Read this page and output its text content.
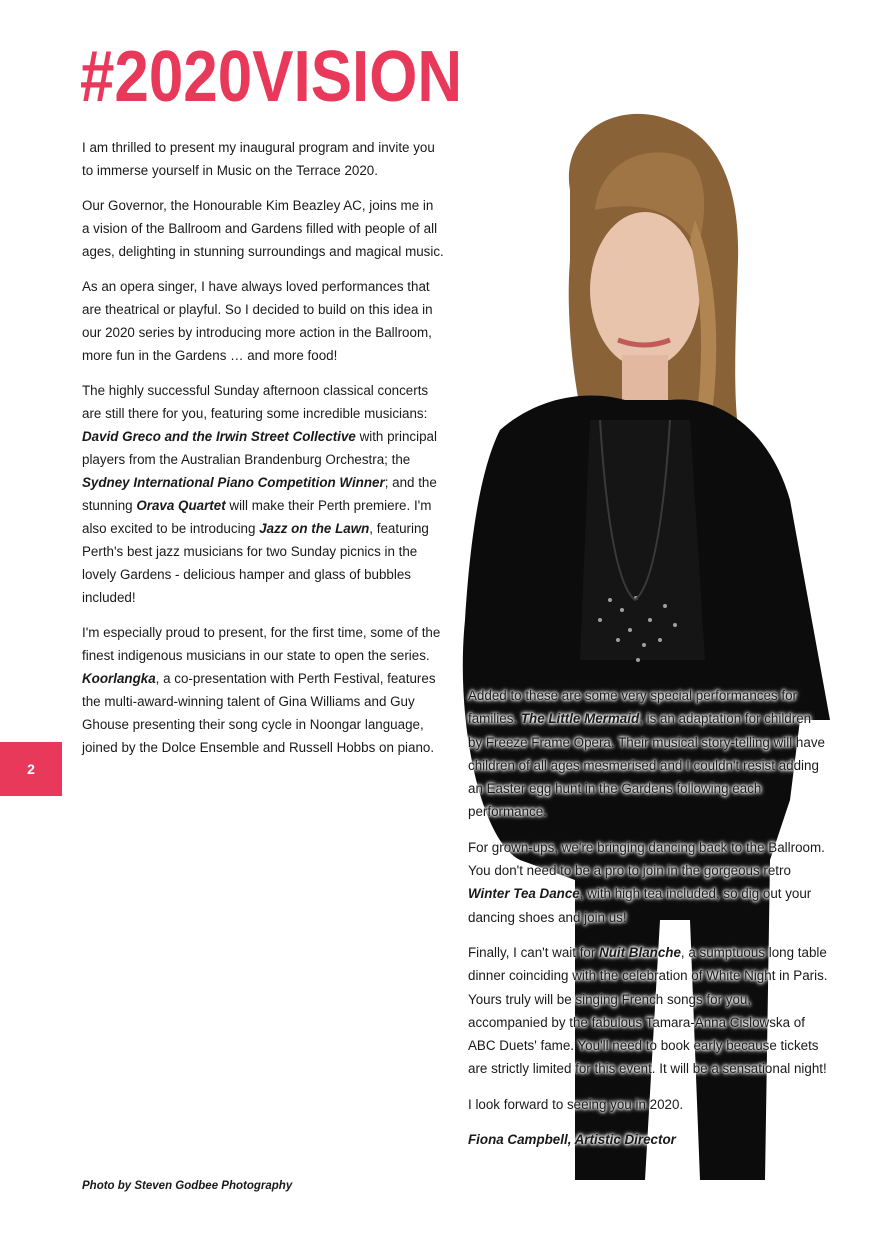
#2020VISION

I am thrilled to present my inaugural program and invite you to immerse yourself in Music on the Terrace 2020.

Our Governor, the Honourable Kim Beazley AC, joins me in a vision of the Ballroom and Gardens filled with people of all ages, delighting in stunning surroundings and magical music.

As an opera singer, I have always loved performances that are theatrical or playful. So I decided to build on this idea in our 2020 series by introducing more action in the Ballroom, more fun in the Gardens … and more food!

The highly successful Sunday afternoon classical concerts are still there for you, featuring some incredible musicians: David Greco and the Irwin Street Collective with principal players from the Australian Brandenburg Orchestra; the Sydney International Piano Competition Winner; and the stunning Orava Quartet will make their Perth premiere. I'm also excited to be introducing Jazz on the Lawn, featuring Perth's best jazz musicians for two Sunday picnics in the lovely Gardens - delicious hamper and glass of bubbles included!

I'm especially proud to present, for the first time, some of the finest indigenous musicians in our state to open the series. Koorlangka, a co-presentation with Perth Festival, features the multi-award-winning talent of Gina Williams and Guy Ghouse presenting their song cycle in Noongar language, joined by the Dolce Ensemble and Russell Hobbs on piano.

Added to these are some very special performances for families. The Little Mermaid, is an adaptation for children by Freeze Frame Opera. Their musical story-telling will have children of all ages mesmerised and I couldn't resist adding an Easter egg hunt in the Gardens following each performance.

For grown-ups, we're bringing dancing back to the Ballroom. You don't need to be a pro to join in the gorgeous retro Winter Tea Dance, with high tea included, so dig out your dancing shoes and join us!

Finally, I can't wait for Nuit Blanche, a sumptuous long table dinner coinciding with the celebration of White Night in Paris. Yours truly will be singing French songs for you, accompanied by the fabulous Tamara-Anna Cislowska of ABC Duets' fame. You'll need to book early because tickets are strictly limited for this event. It will be a sensational night!

I look forward to seeing you in 2020.

Fiona Campbell, Artistic Director

2
Photo by Steven Godbee Photography
